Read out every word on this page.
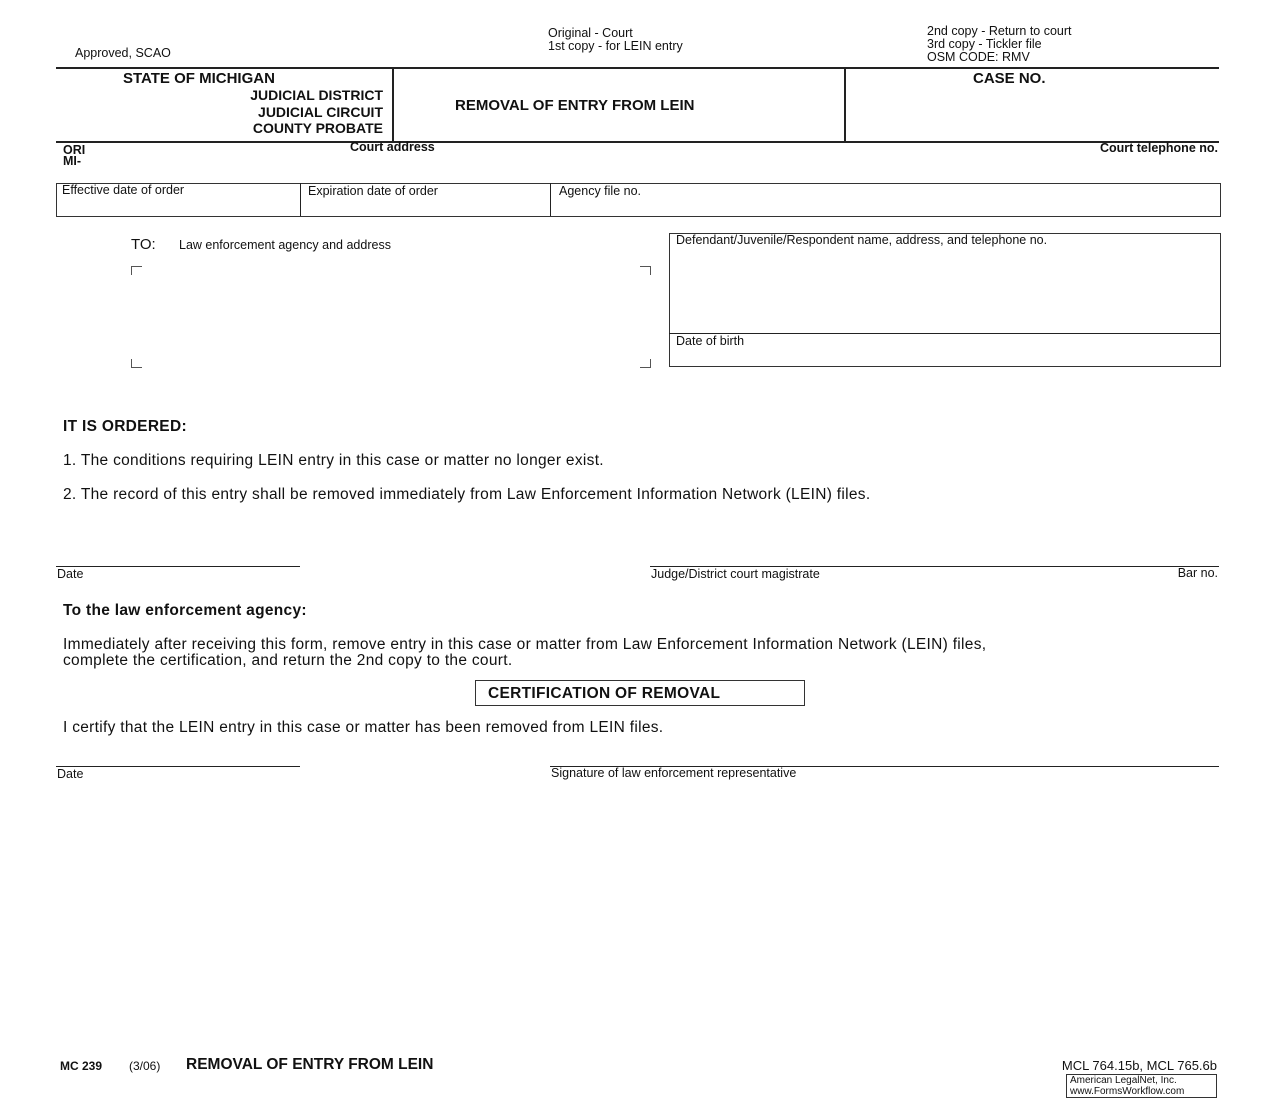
Approved, SCAO
Original - Court
1st copy - for LEIN entry
2nd copy - Return to court
3rd copy - Tickler file
OSM CODE: RMV
STATE OF MICHIGAN
JUDICIAL DISTRICT
JUDICIAL CIRCUIT
COUNTY PROBATE
REMOVAL OF ENTRY FROM LEIN
CASE NO.
ORI
MI-
Court address	Court telephone no.
Effective date of order	Expiration date of order	Agency file no.
TO: Law enforcement agency and address	Defendant/Juvenile/Respondent name, address, and telephone no.
Date of birth
IT IS ORDERED:
1. The conditions requiring LEIN entry in this case or matter no longer exist.
2. The record of this entry shall be removed immediately from Law Enforcement Information Network (LEIN) files.
Date	Judge/District court magistrate	Bar no.
To the law enforcement agency:
Immediately after receiving this form, remove entry in this case or matter from Law Enforcement Information Network (LEIN) files,
complete the certification, and return the 2nd copy to the court.
CERTIFICATION OF REMOVAL
I certify that the LEIN entry in this case or matter has been removed from LEIN files.
Date	Signature of law enforcement representative
MC 239 (3/06) REMOVAL OF ENTRY FROM LEIN	MCL 764.15b, MCL 765.6b
American LegalNet, Inc.
www.FormsWorkflow.com
